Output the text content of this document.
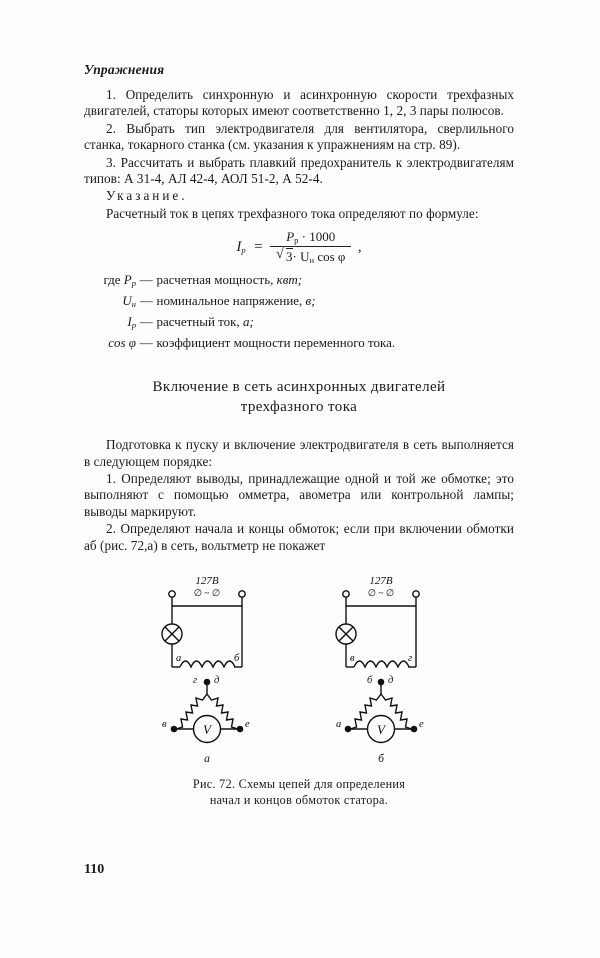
Упражнения

1. Определить синхронную и асинхронную скорости трехфазных двигателей, статоры которых имеют соответственно 1, 2, 3 пары полюсов.

2. Выбрать тип электродвигателя для вентилятора, сверлильного станка, токарного станка (см. указания к упражнениям на стр. 89).

3. Рассчитать и выбрать плавкий предохранитель к электродвигателям типов: А 31-4, АЛ 42-4, АОЛ 51-2, А 52-4.

Указание.

Расчетный ток в цепях трехфазного тока определяют по формуле:

$I_р = P_р \cdot 1000$
√ $3\cdot U_н$ cos φ ,
где $P_р$ — расчетная мощность, квт;
$U_н$ — номинальное напряжение, в;
$I_р$ — расчетный ток, а;
cos φ — коэффициент мощности переменного тока.
Включение в сеть асинхронных двигателей
трехфазного тока

Подготовка к пуску и включение электродвигателя в сеть выполняется в следующем порядке:

1. Определяют выводы, принадлежащие одной и той же обмотке; это выполняют с помощью омметра, авометра или контрольной лампы; выводы маркируют.

2. Определяют начала и концы обмоток; если при включении обмотки аб (рис. 72,а) в сеть, вольтметр не покажет

127В
∅ ~ ∅
а	б
г д
V
в	е
а
127В
∅ ~ ∅
в	г
б д
V
а	е
б
Рис. 72. Схемы цепей для определения
начал и концов обмоток статора.
110
